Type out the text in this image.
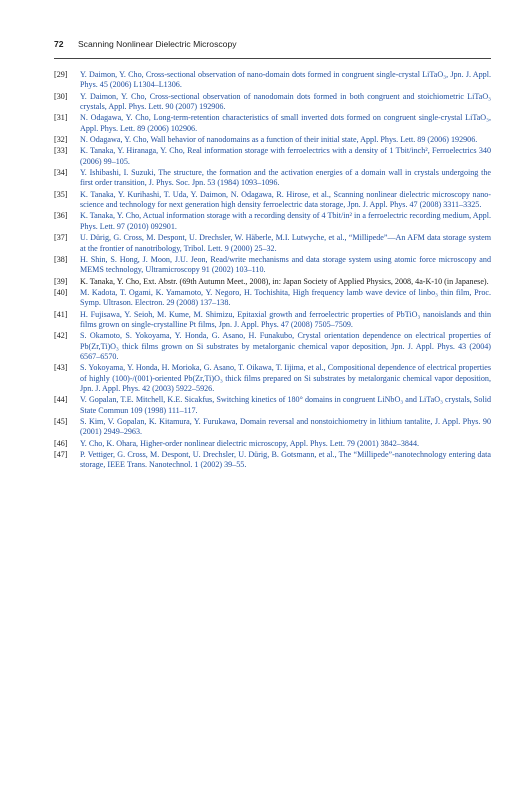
72 Scanning Nonlinear Dielectric Microscopy
[29]	Y. Daimon, Y. Cho, Cross-sectional observation of nano-domain dots formed in congruent single-crystal LiTaO₃, Jpn. J. Appl. Phys. 45 (2006) L1304–L1306.
[30]	Y. Daimon, Y. Cho, Cross-sectional observation of nanodomain dots formed in both congruent and stoichiometric LiTaO₃ crystals, Appl. Phys. Lett. 90 (2007) 192906.
[31]	N. Odagawa, Y. Cho, Long-term-retention characteristics of small inverted dots formed on congruent single-crystal LiTaO₃, Appl. Phys. Lett. 89 (2006) 102906.
[32]	N. Odagawa, Y. Cho, Wall behavior of nanodomains as a function of their initial state, Appl. Phys. Lett. 89 (2006) 192906.
[33]	K. Tanaka, Y. Hiranaga, Y. Cho, Real information storage with ferroelectrics with a density of 1 Tbit/inch², Ferroelectrics 340 (2006) 99–105.
[34]	Y. Ishibashi, I. Suzuki, The structure, the formation and the activation energies of a domain wall in crystals undergoing the first order transition, J. Phys. Soc. Jpn. 53 (1984) 1093–1096.
[35]	K. Tanaka, Y. Kurihashi, T. Uda, Y. Daimon, N. Odagawa, R. Hirose, et al., Scanning nonlinear dielectric microscopy nano-science and technology for next generation high density ferroelectric data storage, Jpn. J. Appl. Phys. 47 (2008) 3311–3325.
[36]	K. Tanaka, Y. Cho, Actual information storage with a recording density of 4 Tbit/in² in a ferroelectric recording medium, Appl. Phys. Lett. 97 (2010) 092901.
[37]	U. Dürig, G. Cross, M. Despont, U. Drechsler, W. Häberle, M.I. Lutwyche, et al., “Millipede”—An AFM data storage system at the frontier of nanotribology, Tribol. Lett. 9 (2000) 25–32.
[38]	H. Shin, S. Hong, J. Moon, J.U. Jeon, Read/write mechanisms and data storage system using atomic force microscopy and MEMS technology, Ultramicroscopy 91 (2002) 103–110.
[39]	K. Tanaka, Y. Cho, Ext. Abstr. (69th Autumn Meet., 2008), in: Japan Society of Applied Physics, 2008, 4a-K-10 (in Japanese).
[40]	M. Kadota, T. Ogami, K. Yamamoto, Y. Negoro, H. Tochishita, High frequency lamb wave device of linbo₃ thin film, Proc. Symp. Ultrason. Electron. 29 (2008) 137–138.
[41]	H. Fujisawa, Y. Seioh, M. Kume, M. Shimizu, Epitaxial growth and ferroelectric properties of PbTiO₃ nanoislands and thin films grown on single-crystalline Pt films, Jpn. J. Appl. Phys. 47 (2008) 7505–7509.
[42]	S. Okamoto, S. Yokoyama, Y. Honda, G. Asano, H. Funakubo, Crystal orientation dependence on electrical properties of Pb(Zr,Ti)O₃ thick films grown on Si substrates by metalorganic chemical vapor deposition, Jpn. J. Appl. Phys. 43 (2004) 6567–6570.
[43]	S. Yokoyama, Y. Honda, H. Morioka, G. Asano, T. Oikawa, T. Iijima, et al., Compositional dependence of electrical properties of highly (100)-/(001)-oriented Pb(Zr,Ti)O₃ thick films prepared on Si substrates by metalorganic chemical vapor deposition, Jpn. J. Appl. Phys. 42 (2003) 5922–5926.
[44]	V. Gopalan, T.E. Mitchell, K.E. Sicakfus, Switching kinetics of 180° domains in congruent LiNbO₃ and LiTaO₃ crystals, Solid State Commun 109 (1998) 111–117.
[45]	S. Kim, V. Gopalan, K. Kitamura, Y. Furukawa, Domain reversal and nonstoichiometry in lithium tantalite, J. Appl. Phys. 90 (2001) 2949–2963.
[46]	Y. Cho, K. Ohara, Higher-order nonlinear dielectric microscopy, Appl. Phys. Lett. 79 (2001) 3842–3844.
[47]	P. Vettiger, G. Cross, M. Despont, U. Drechsler, U. Dürig, B. Gotsmann, et al., The “Millipede”-nanotechnology entering data storage, IEEE Trans. Nanotechnol. 1 (2002) 39–55.
